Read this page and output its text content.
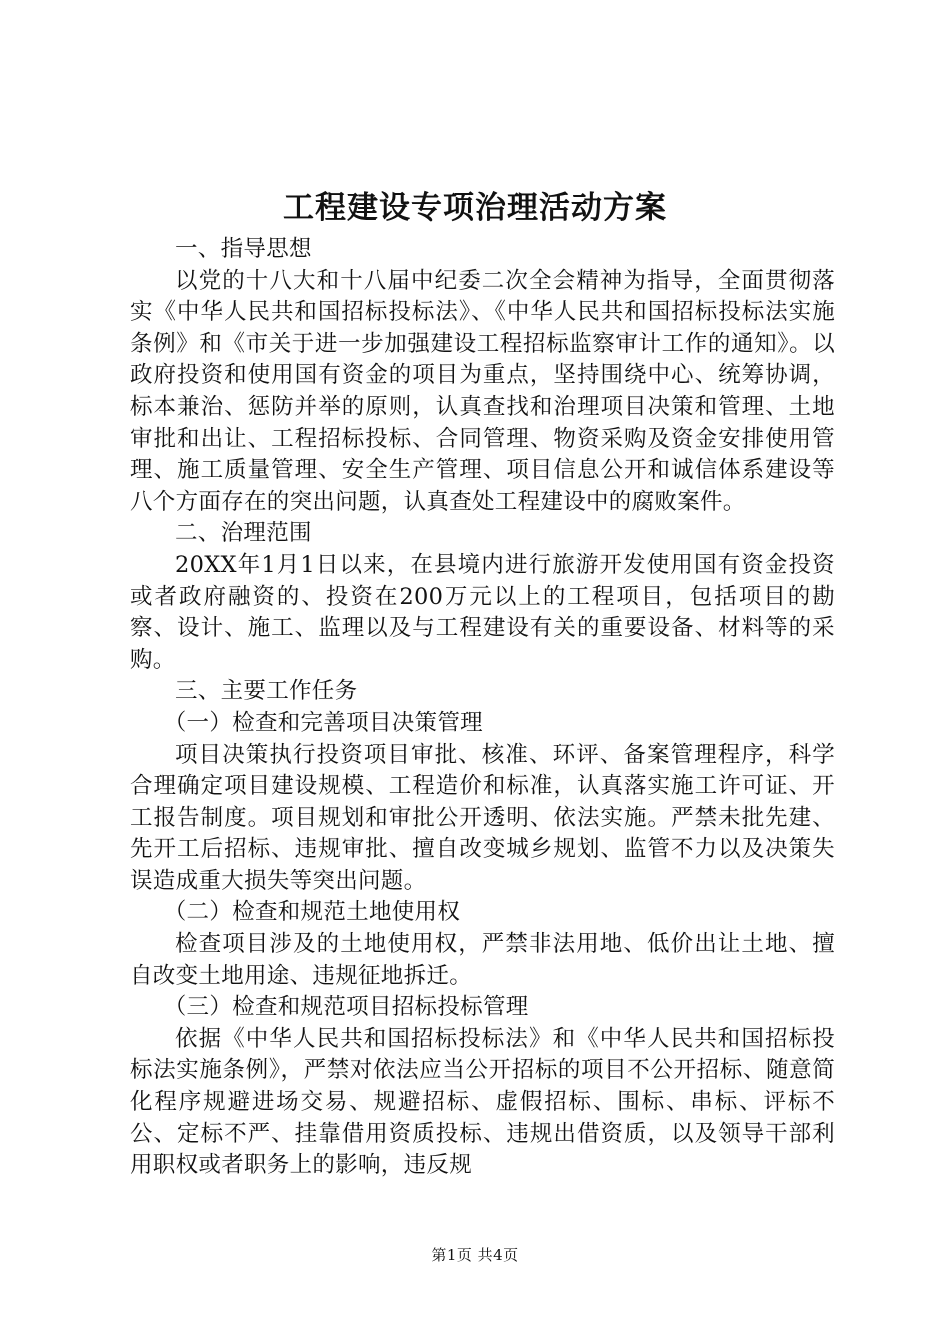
工程建设专项治理活动方案

一、指导思想

以党的十八大和十八届中纪委二次全会精神为指导，全面贯彻落实《中华人民共和国招标投标法》、《中华人民共和国招标投标法实施条例》和《市关于进一步加强建设工程招标监察审计工作的通知》。以政府投资和使用国有资金的项目为重点，坚持围绕中心、统筹协调，标本兼治、惩防并举的原则，认真查找和治理项目决策和管理、土地审批和出让、工程招标投标、合同管理、物资采购及资金安排使用管理、施工质量管理、安全生产管理、项目信息公开和诚信体系建设等八个方面存在的突出问题，认真查处工程建设中的腐败案件。

二、治理范围

20XX年1月1日以来，在县境内进行旅游开发使用国有资金投资或者政府融资的、投资在200万元以上的工程项目，包括项目的勘察、设计、施工、监理以及与工程建设有关的重要设备、材料等的采购。

三、主要工作任务

（一）检查和完善项目决策管理

项目决策执行投资项目审批、核准、环评、备案管理程序，科学合理确定项目建设规模、工程造价和标准，认真落实施工许可证、开工报告制度。项目规划和审批公开透明、依法实施。严禁未批先建、先开工后招标、违规审批、擅自改变城乡规划、监管不力以及决策失误造成重大损失等突出问题。

（二）检查和规范土地使用权

检查项目涉及的土地使用权，严禁非法用地、低价出让土地、擅自改变土地用途、违规征地拆迁。

（三）检查和规范项目招标投标管理

依据《中华人民共和国招标投标法》和《中华人民共和国招标投标法实施条例》，严禁对依法应当公开招标的项目不公开招标、随意简化程序规避进场交易、规避招标、虚假招标、围标、串标、评标不公、定标不严、挂靠借用资质投标、违规出借资质，以及领导干部利用职权或者职务上的影响，违反规

第1页 共4页
